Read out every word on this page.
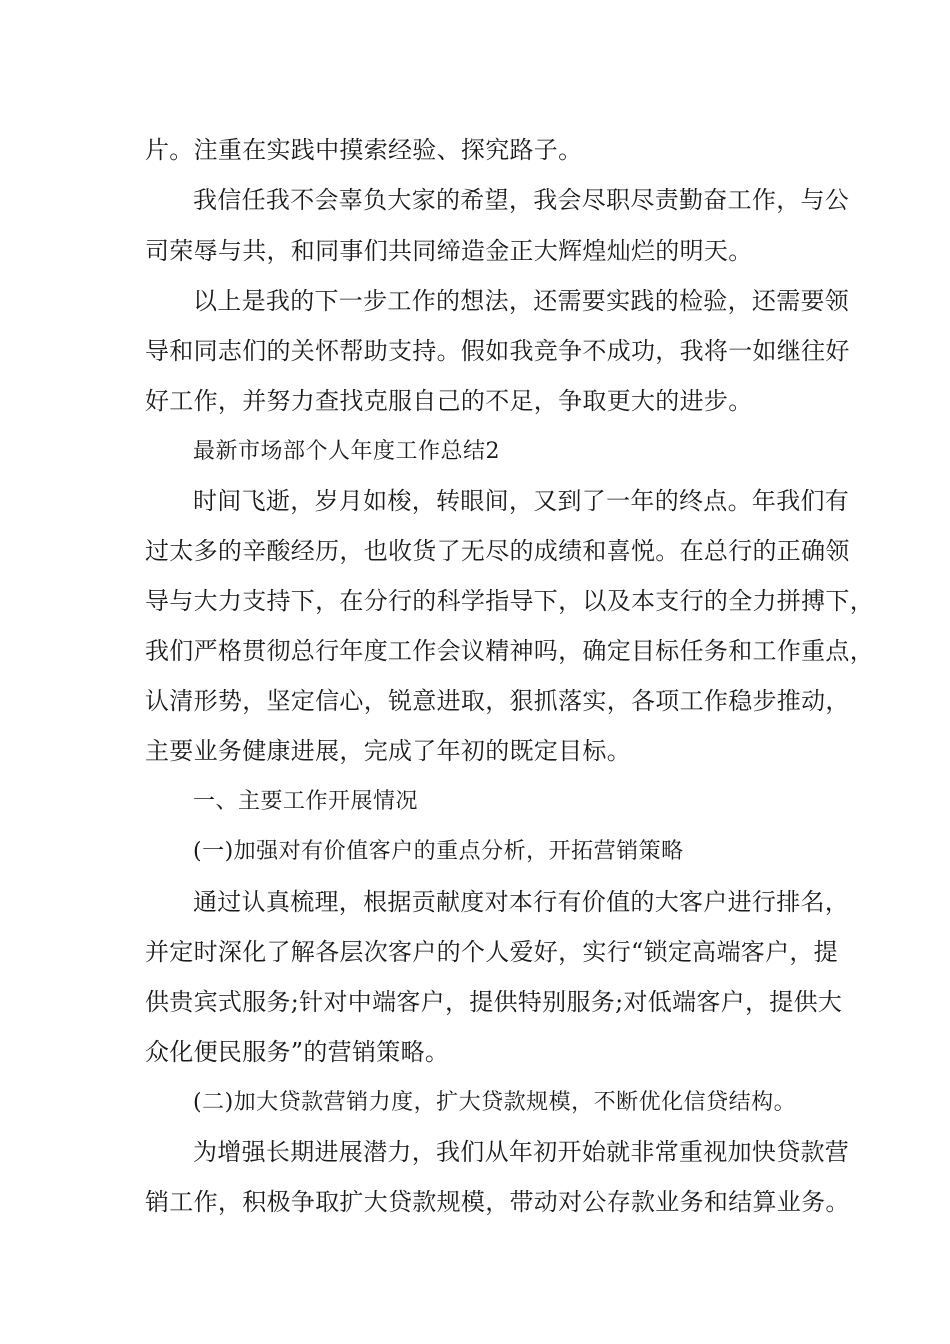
片。注重在实践中摸索经验、探究路子。
我信任我不会辜负大家的希望，我会尽职尽责勤奋工作，与公
司荣辱与共，和同事们共同缔造金正大辉煌灿烂的明天。
以上是我的下一步工作的想法，还需要实践的检验，还需要领
导和同志们的关怀帮助支持。假如我竞争不成功，我将一如继往好
好工作，并努力查找克服自己的不足，争取更大的进步。
最新市场部个人年度工作总结2
时间飞逝，岁月如梭，转眼间，又到了一年的终点。年我们有
过太多的辛酸经历，也收货了无尽的成绩和喜悦。在总行的正确领
导与大力支持下，在分行的科学指导下，以及本支行的全力拼搏下，
我们严格贯彻总行年度工作会议精神吗，确定目标任务和工作重点，
认清形势，坚定信心，锐意进取，狠抓落实，各项工作稳步推动，
主要业务健康进展，完成了年初的既定目标。
一、主要工作开展情况
(一)加强对有价值客户的重点分析，开拓营销策略
通过认真梳理，根据贡献度对本行有价值的大客户进行排名，
并定时深化了解各层次客户的个人爱好，实行“锁定高端客户，提
供贵宾式服务;针对中端客户，提供特别服务;对低端客户，提供大
众化便民服务”的营销策略。
(二)加大贷款营销力度，扩大贷款规模，不断优化信贷结构。
为增强长期进展潜力，我们从年初开始就非常重视加快贷款营
销工作，积极争取扩大贷款规模，带动对公存款业务和结算业务。
